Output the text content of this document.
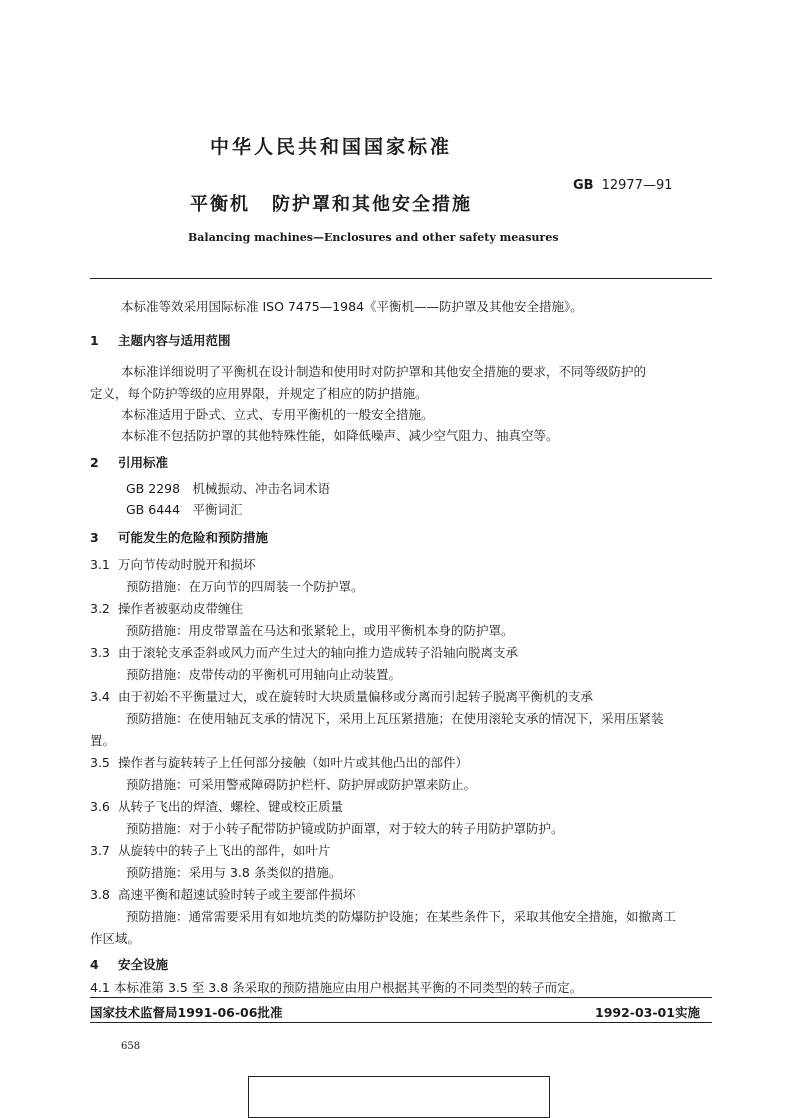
中华人民共和国国家标准
GB 12977—91
平衡机 防护罩和其他安全措施
Balancing machines—Enclosures and other safety measures
本标准等效采用国际标准 ISO 7475—1984《平衡机——防护罩及其他安全措施》。
1 主题内容与适用范围
本标准详细说明了平衡机在设计制造和使用时对防护罩和其他安全措施的要求，不同等级防护的
定义，每个防护等级的应用界限，并规定了相应的防护措施。
本标准适用于卧式、立式、专用平衡机的一般安全措施。
本标准不包括防护罩的其他特殊性能，如降低噪声、减少空气阻力、抽真空等。
2 引用标准
GB 2298　机械振动、冲击名词术语
GB 6444　平衡词汇
3 可能发生的危险和预防措施
3.1 万向节传动时脱开和损坏
预防措施：在万向节的四周装一个防护罩。
3.2 操作者被驱动皮带缠住
预防措施：用皮带罩盖在马达和张紧轮上，或用平衡机本身的防护罩。
3.3 由于滚轮支承歪斜或风力而产生过大的轴向推力造成转子沿轴向脱离支承
预防措施：皮带传动的平衡机可用轴向止动装置。
3.4 由于初始不平衡量过大，或在旋转时大块质量偏移或分离而引起转子脱离平衡机的支承
预防措施：在使用轴瓦支承的情况下，采用上瓦压紧措施；在使用滚轮支承的情况下，采用压紧装
置。
3.5 操作者与旋转转子上任何部分接触（如叶片或其他凸出的部件）
预防措施：可采用警戒障碍防护栏杆、防护屏或防护罩来防止。
3.6 从转子飞出的焊渣、螺栓、键或校正质量
预防措施：对于小转子配带防护镜或防护面罩，对于较大的转子用防护罩防护。
3.7 从旋转中的转子上飞出的部件，如叶片
预防措施：采用与 3.8 条类似的措施。
3.8 高速平衡和超速试验时转子或主要部件损坏
预防措施：通常需要采用有如地坑类的防爆防护设施；在某些条件下，采取其他安全措施，如撤离工
作区域。
4 安全设施
4.1 本标准第 3.5 至 3.8 条采取的预防措施应由用户根据其平衡的不同类型的转子而定。
国家技术监督局1991-06-06批准	1992-03-01实施
658
